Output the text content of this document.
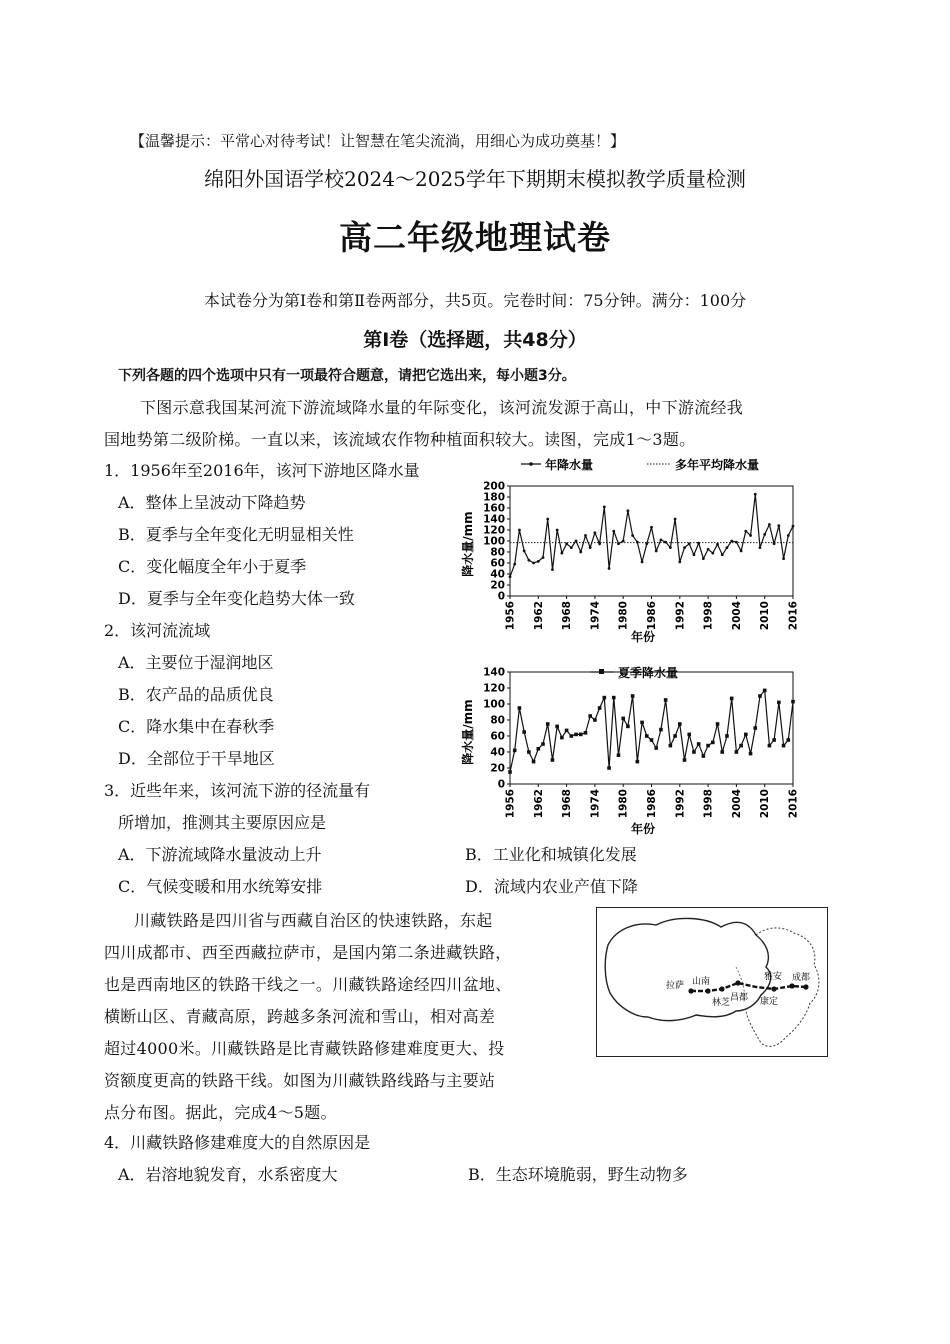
【温馨提示：平常心对待考试！让智慧在笔尖流淌，用细心为成功奠基！】
绵阳外国语学校2024～2025学年下期期末模拟教学质量检测
高二年级地理试卷
本试卷分为第Ⅰ卷和第Ⅱ卷两部分，共5页。完卷时间：75分钟。满分：100分
第Ⅰ卷（选择题，共48分）
下列各题的四个选项中只有一项最符合题意，请把它选出来，每小题3分。
下图示意我国某河流下游流域降水量的年际变化，该河流发源于高山，中下游流经我
国地势第二级阶梯。一直以来，该流域农作物种植面积较大。读图，完成1～3题。
1．1956年至2016年，该河下游地区降水量
A．整体上呈波动下降趋势
B．夏季与全年变化无明显相关性
C．变化幅度全年小于夏季
D．夏季与全年变化趋势大体一致
2．该河流流域
A．主要位于湿润地区
B．农产品的品质优良
C．降水集中在春秋季
D．全部位于干旱地区
3．近些年来，该河流下游的径流量有
所增加，推测其主要原因应是
A．下游流域降水量波动上升	B．工业化和城镇化发展
C．气候变暖和用水统筹安排	D．流域内农业产值下降
川藏铁路是四川省与西藏自治区的快速铁路，东起
四川成都市、西至西藏拉萨市，是国内第二条进藏铁路，
也是西南地区的铁路干线之一。川藏铁路途经四川盆地、
横断山区、青藏高原，跨越多条河流和雪山，相对高差
超过4000米。川藏铁路是比青藏铁路修建难度更大、投
资额度更高的铁路干线。如图为川藏铁路线路与主要站
点分布图。据此，完成4～5题。
4．川藏铁路修建难度大的自然原因是
A．岩溶地貌发育，水系密度大	B．生态环境脆弱，野生动物多
年降水量	多年平均降水量
降水量/mm
年份
0
20
40
60
80
100
120
140
160
180
200
1956 1962 1968 1974 1980 1986 1992 1998 2004 2010 2016
夏季降水量
降水量/mm
年份
0
20
40
60
80
100
120
140
1956 1962 1968 1974 1980 1986 1992 1998 2004 2010 2016
拉萨 山南
林芝 昌都
雅安
康定
成都
